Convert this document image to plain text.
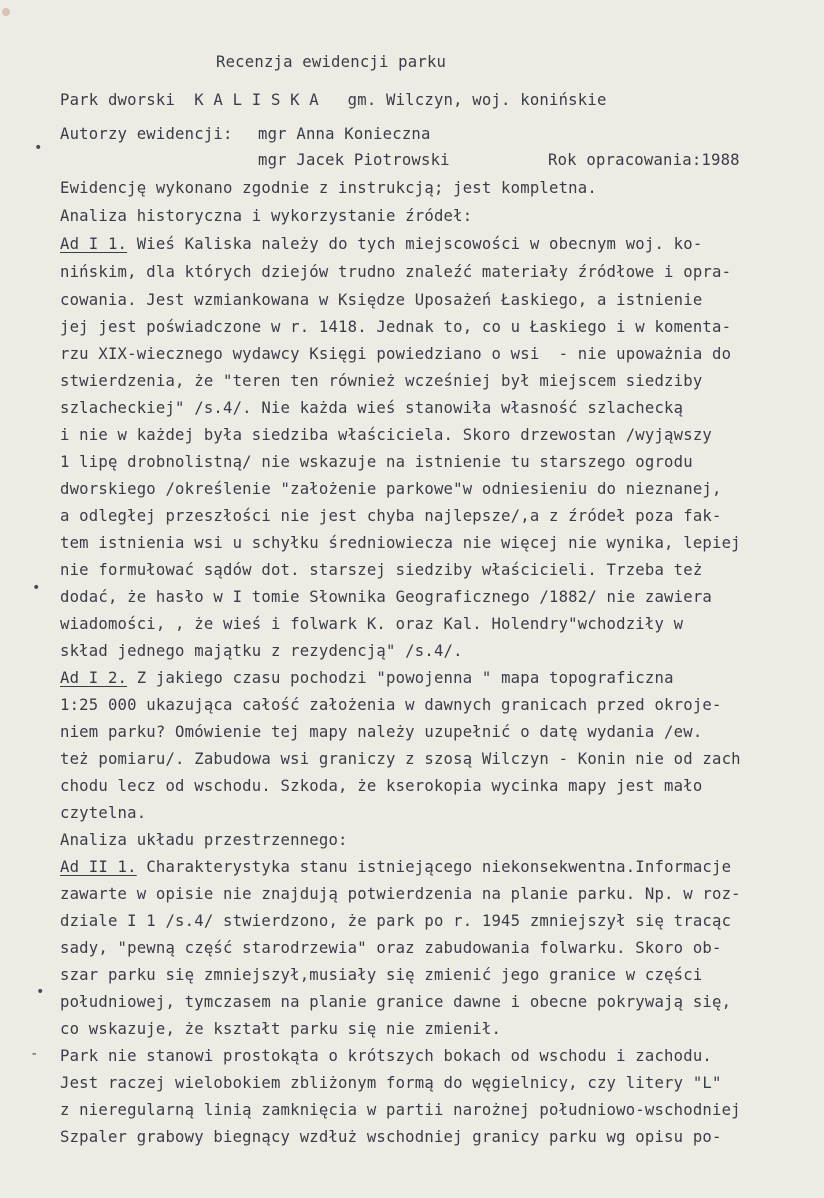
Recenzja ewidencji parku
Park dworski  K A L I S K A   gm. Wilczyn, woj. konińskie
Autorzy ewidencji: mgr Anna Konieczna
mgr Jacek Piotrowski	Rok opracowania:1988
•
Ewidencję wykonano zgodnie z instrukcją; jest kompletna.
Analiza historyczna i wykorzystanie źródeł:
Ad I 1. Wieś Kaliska należy do tych miejscowości w obecnym woj. ko-
nińskim, dla których dziejów trudno znaleźć materiały źródłowe i opra-
cowania. Jest wzmiankowana w Księdze Uposażeń Łaskiego, a istnienie
jej jest poświadczone w r. 1418. Jednak to, co u Łaskiego i w komenta-
rzu XIX-wiecznego wydawcy Księgi powiedziano o wsi  - nie upoważnia do
stwierdzenia, że "teren ten również wcześniej był miejscem siedziby
szlacheckiej" /s.4/. Nie każda wieś stanowiła własność szlachecką
i nie w każdej była siedziba właściciela. Skoro drzewostan /wyjąwszy
1 lipę drobnolistną/ nie wskazuje na istnienie tu starszego ogrodu
dworskiego /określenie "założenie parkowe"w odniesieniu do nieznanej,
a odległej przeszłości nie jest chyba najlepsze/,a z źródeł poza fak-
tem istnienia wsi u schyłku średniowiecza nie więcej nie wynika, lepiej
nie formułować sądów dot. starszej siedziby właścicieli. Trzeba też
• dodać, że hasło w I tomie Słownika Geograficznego /1882/ nie zawiera
wiadomości, , że wieś i folwark K. oraz Kal. Holendry"wchodziły w
skład jednego majątku z rezydencją" /s.4/.
Ad I 2. Z jakiego czasu pochodzi "powojenna " mapa topograficzna
1:25 000 ukazująca całość założenia w dawnych granicach przed okroje-
niem parku? Omówienie tej mapy należy uzupełnić o datę wydania /ew.
też pomiaru/. Zabudowa wsi graniczy z szosą Wilczyn - Konin nie od zach
chodu lecz od wschodu. Szkoda, że kserokopia wycinka mapy jest mało
czytelna.
Analiza układu przestrzennego:
Ad II 1. Charakterystyka stanu istniejącego niekonsekwentna.Informacje
zawarte w opisie nie znajdują potwierdzenia na planie parku. Np. w roz-
dziale I 1 /s.4/ stwierdzono, że park po r. 1945 zmniejszył się tracąc
sady, "pewną część starodrzewia" oraz zabudowania folwarku. Skoro ob-
szar parku się zmniejszył,musiały się zmienić jego granice w części
•
południowej, tymczasem na planie granice dawne i obecne pokrywają się,
co wskazuje, że kształt parku się nie zmienił.
- Park nie stanowi prostokąta o krótszych bokach od wschodu i zachodu.
Jest raczej wielobokiem zbliżonym formą do węgielnicy, czy litery "L"
z nieregularną linią zamknięcia w partii narożnej południowo-wschodniej
Szpaler grabowy biegnący wzdłuż wschodniej granicy parku wg opisu po-
